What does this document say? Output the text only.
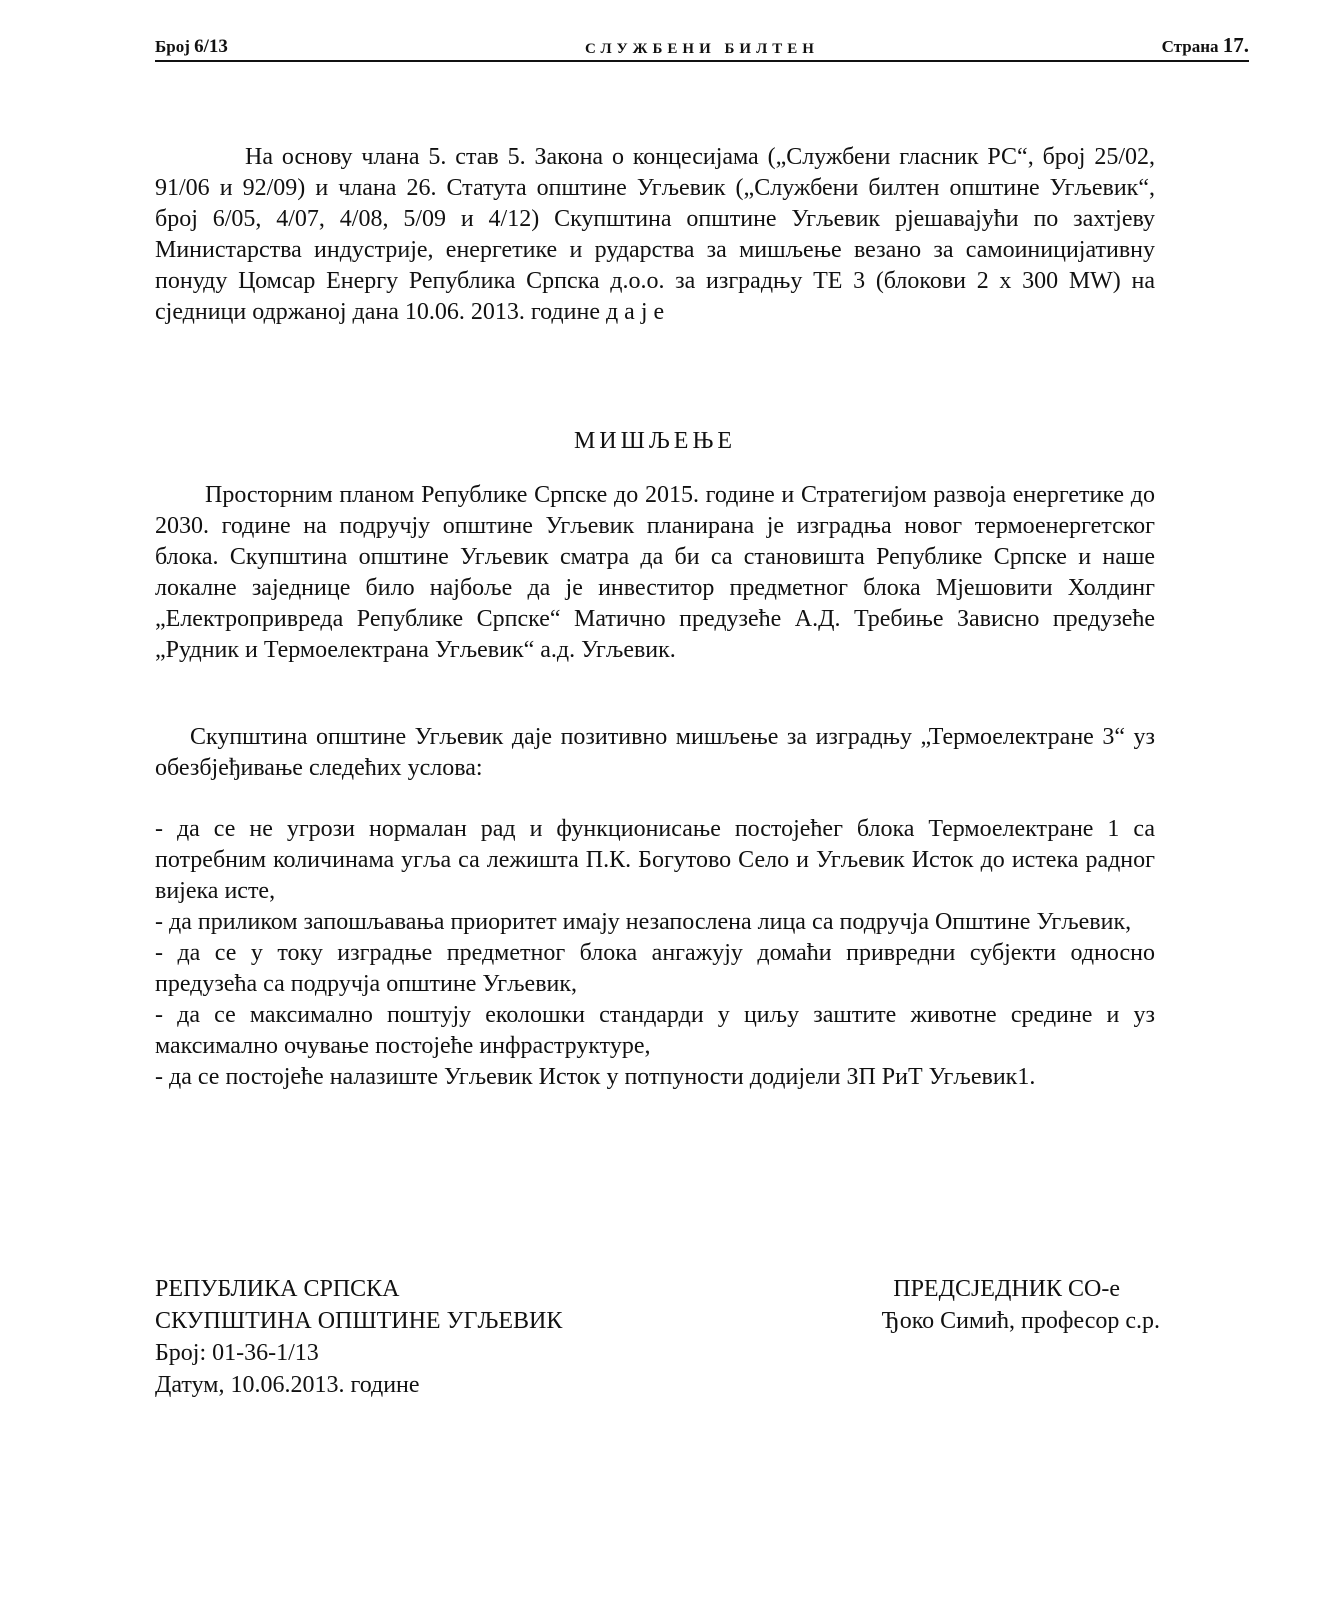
Број 6/13	СЛУЖБЕНИ БИЛТЕН	Страна 17.

На основу члана 5. став 5. Закона о концесијама („Службени гласник РС“, број 25/02, 91/06 и 92/09) и члана 26. Статута општине Угљевик („Службени билтен општине Угљевик“, број 6/05, 4/07, 4/08, 5/09 и 4/12) Скупштина општине Угљевик рјешавајући по захтјеву Министарства индустрије, енергетике и рударства за мишљење везано за самоиницијативну понуду Цомсар Енергу Република Српска д.о.о. за изградњу ТЕ 3 (блокови 2 х 300 MW) на сједници одржаној дана 10.06. 2013. године д а ј е

МИШЉЕЊЕ

Просторним планом Републике Српске до 2015. године и Стратегијом развоја енергетике до 2030. године на подручју општине Угљевик планирана је изградња новог термоенергетског блока. Скупштина општине Угљевик сматра да би са становишта Републике Српске и наше локалне заједнице било најбоље да је инвеститор предметног блока Мјешовити Холдинг „Електропривреда Републике Српске“ Матично предузеће А.Д. Требиње Зависно предузеће „Рудник и Термоелектрана Угљевик“ а.д. Угљевик.

Скупштина општине Угљевик даје позитивно мишљење за изградњу „Термоелектране 3“ уз обезбјеђивање следећих услова:

- да се не угрози нормалан рад и функционисање постојећег блока Термоелектране 1 са потребним количинама угља са лежишта П.К. Богутово Село и Угљевик Исток до истека радног вијека исте,

- да приликом запошљавања приоритет имају незапослена лица са подручја Општине Угљевик,

- да се у току изградње предметног блока ангажују домаћи привредни субјекти односно предузећа са подручја општине Угљевик,

- да се максимално поштују еколошки стандарди у циљу заштите животне средине и уз максимално очување постојеће инфраструктуре,

- да се постојеће налазиште Угљевик Исток у потпуности додијели ЗП РиТ Угљевик1.

РЕПУБЛИКА СРПСКА
СКУПШТИНА ОПШТИНЕ УГЉЕВИК
Број: 01-36-1/13
Датум, 10.06.2013. године
ПРЕДСЈЕДНИК СО-е
Ђоко Симић, професор с.р.
